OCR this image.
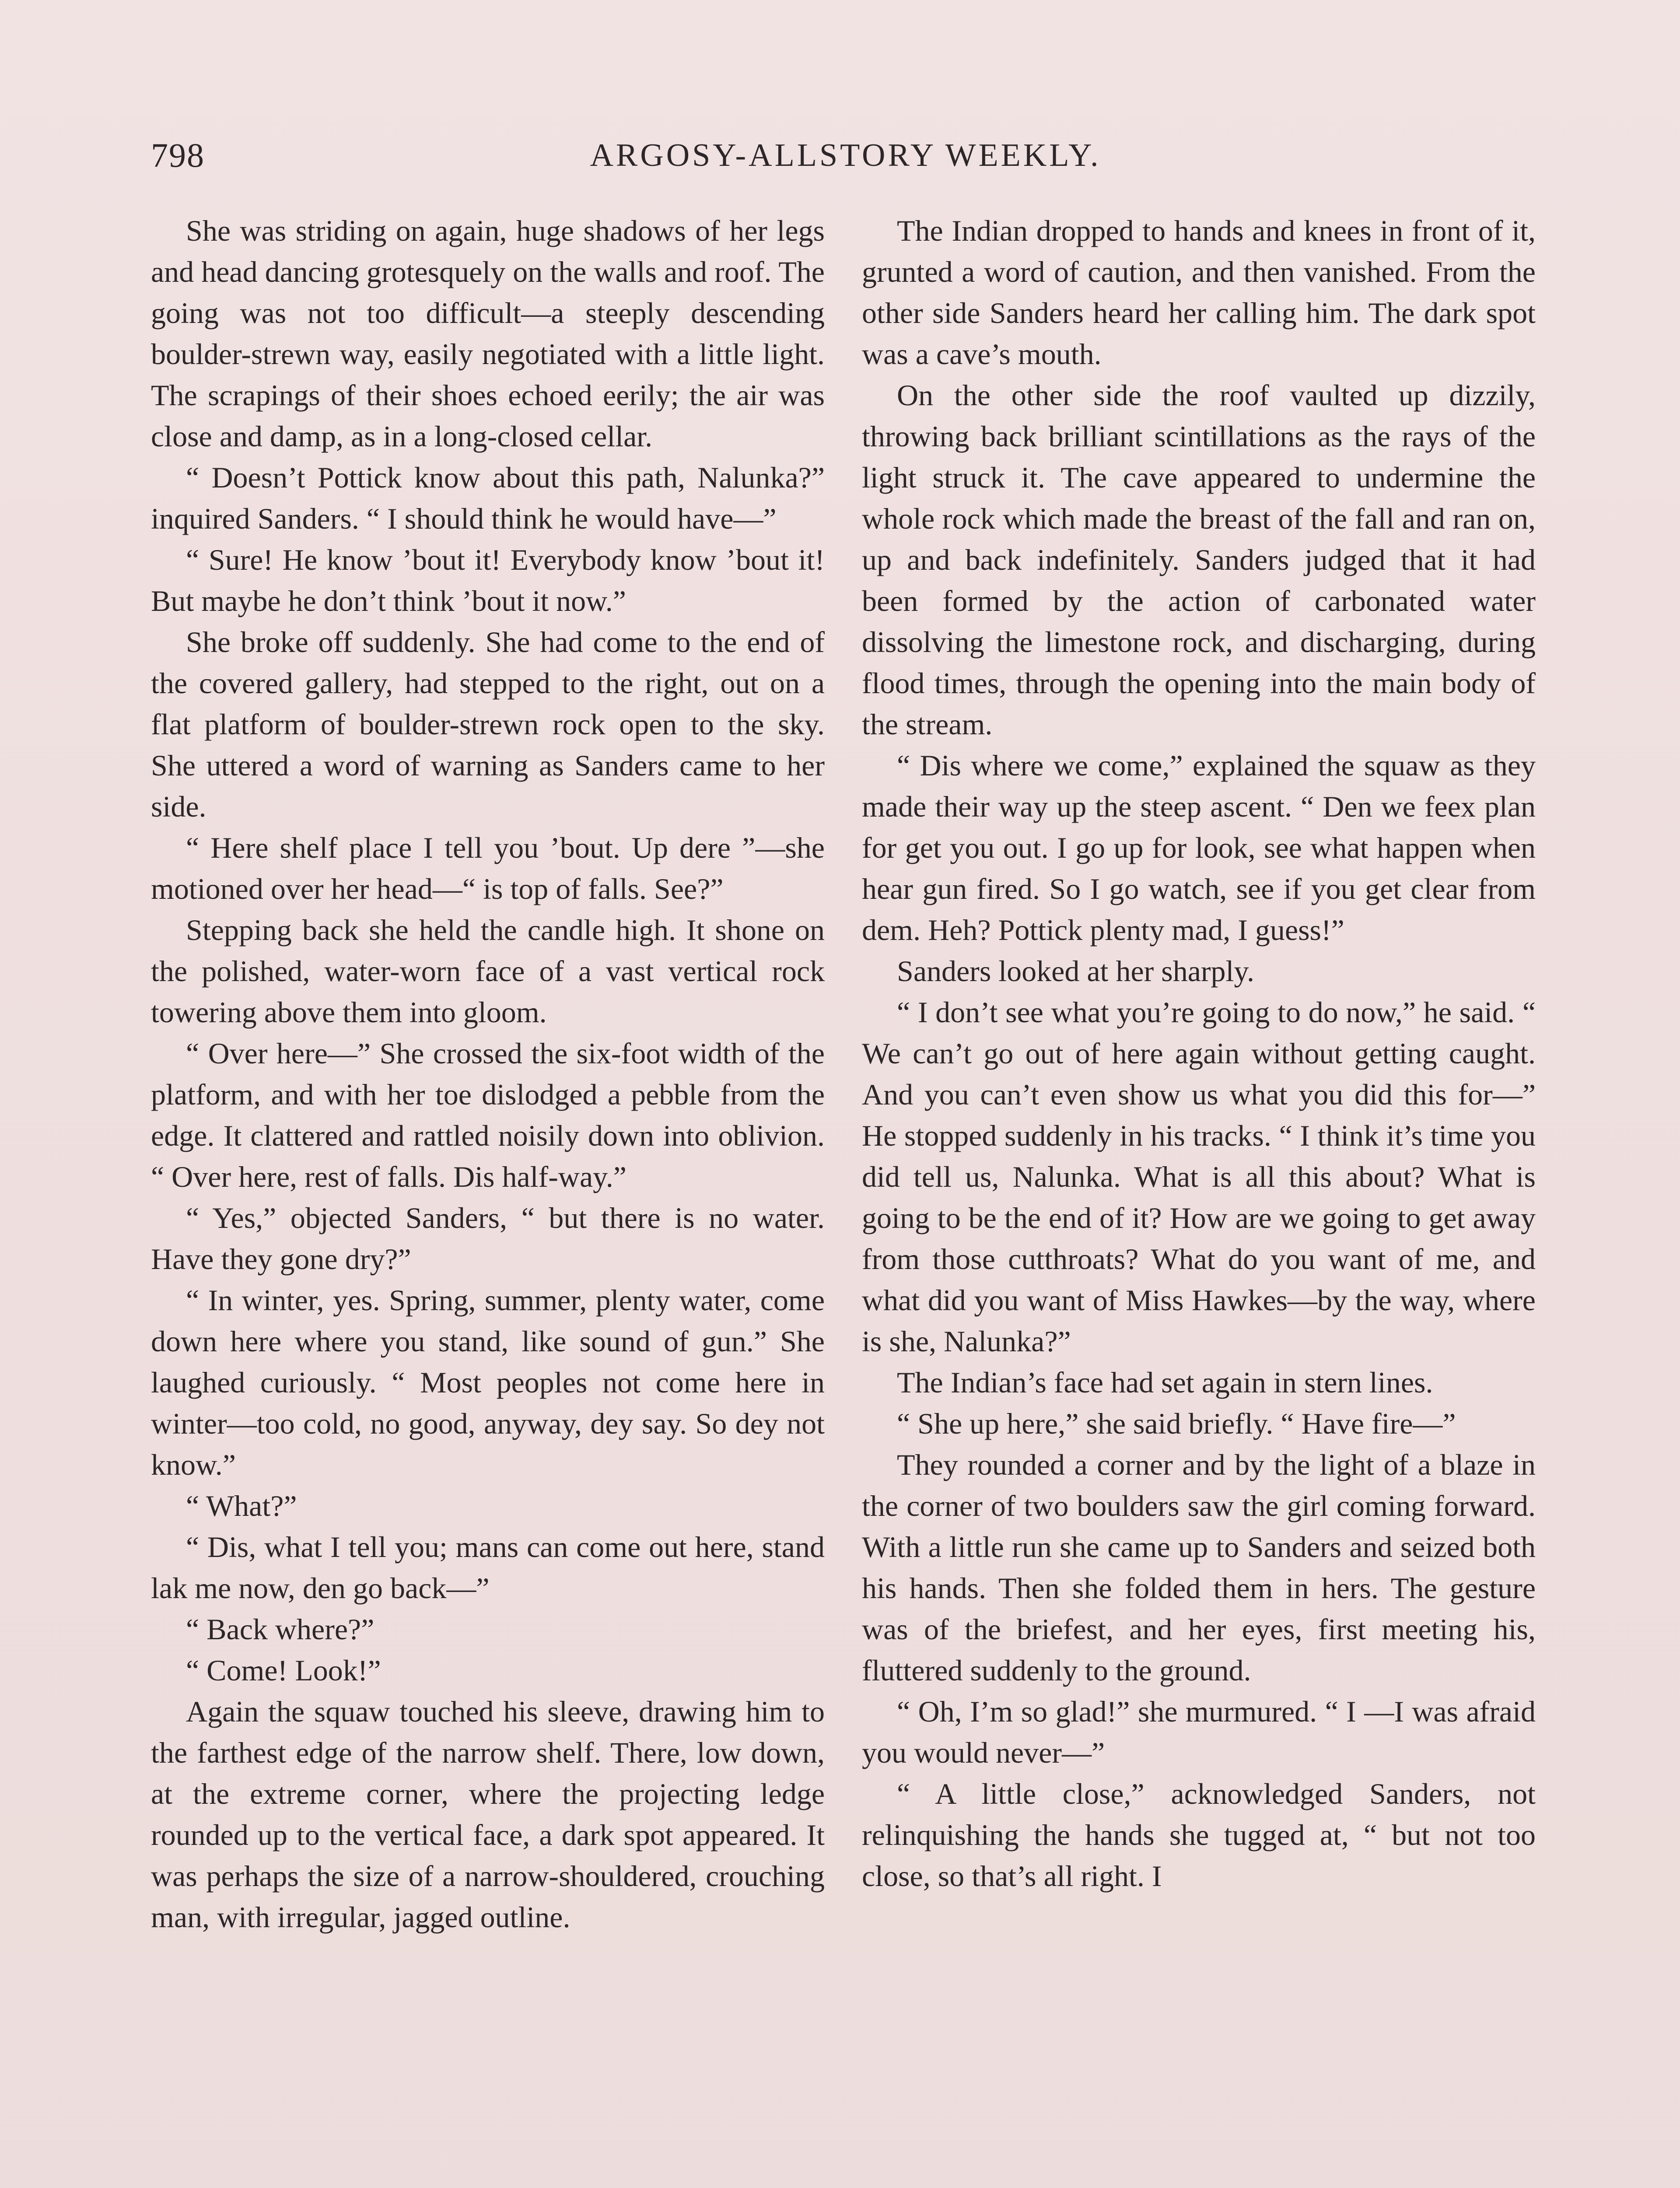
798	ARGOSY-ALLSTORY WEEKLY.

She was striding on again, huge shadows of her legs and head dancing grotesquely on the walls and roof. The going was not too difficult—a steeply descending boulder-strewn way, easily negotiated with a little light. The scrapings of their shoes echoed eerily; the air was close and damp, as in a long-closed cellar.

“ Doesn’t Pottick know about this path, Nalunka?” inquired Sanders. “ I should think he would have—”

“ Sure! He know ’bout it! Everybody know ’bout it! But maybe he don’t think ’bout it now.”

She broke off suddenly. She had come to the end of the covered gallery, had stepped to the right, out on a flat platform of boulder-strewn rock open to the sky. She uttered a word of warning as Sanders came to her side.

“ Here shelf place I tell you ’bout. Up dere ”—she motioned over her head—“ is top of falls. See?”

Stepping back she held the candle high. It shone on the polished, water-worn face of a vast vertical rock towering above them into gloom.

“ Over here—” She crossed the six-foot width of the platform, and with her toe dislodged a pebble from the edge. It clattered and rattled noisily down into oblivion. “ Over here, rest of falls. Dis half-way.”

“ Yes,” objected Sanders, “ but there is no water. Have they gone dry?”

“ In winter, yes. Spring, summer, plenty water, come down here where you stand, like sound of gun.” She laughed curiously. “ Most peoples not come here in winter—too cold, no good, anyway, dey say. So dey not know.”

“ What?”

“ Dis, what I tell you; mans can come out here, stand lak me now, den go back—”

“ Back where?”

“ Come! Look!”

Again the squaw touched his sleeve, drawing him to the farthest edge of the narrow shelf. There, low down, at the extreme corner, where the projecting ledge rounded up to the vertical face, a dark spot appeared. It was perhaps the size of a narrow-shouldered, crouching man, with irregular, jagged outline.

The Indian dropped to hands and knees in front of it, grunted a word of caution, and then vanished. From the other side Sanders heard her calling him. The dark spot was a cave’s mouth.

On the other side the roof vaulted up dizzily, throwing back brilliant scintillations as the rays of the light struck it. The cave appeared to undermine the whole rock which made the breast of the fall and ran on, up and back indefinitely. Sanders judged that it had been formed by the action of carbonated water dissolving the limestone rock, and discharging, during flood times, through the opening into the main body of the stream.

“ Dis where we come,” explained the squaw as they made their way up the steep ascent. “ Den we feex plan for get you out. I go up for look, see what happen when hear gun fired. So I go watch, see if you get clear from dem. Heh? Pottick plenty mad, I guess!”

Sanders looked at her sharply.

“ I don’t see what you’re going to do now,” he said. “ We can’t go out of here again without getting caught. And you can’t even show us what you did this for—” He stopped suddenly in his tracks. “ I think it’s time you did tell us, Nalunka. What is all this about? What is going to be the end of it? How are we going to get away from those cutthroats? What do you want of me, and what did you want of Miss Hawkes—by the way, where is she, Nalunka?”

The Indian’s face had set again in stern lines.

“ She up here,” she said briefly. “ Have fire—”

They rounded a corner and by the light of a blaze in the corner of two boulders saw the girl coming forward. With a little run she came up to Sanders and seized both his hands. Then she folded them in hers. The gesture was of the briefest, and her eyes, first meeting his, fluttered suddenly to the ground.

“ Oh, I’m so glad!” she murmured. “ I —I was afraid you would never—”

“ A little close,” acknowledged Sanders, not relinquishing the hands she tugged at, “ but not too close, so that’s all right. I
